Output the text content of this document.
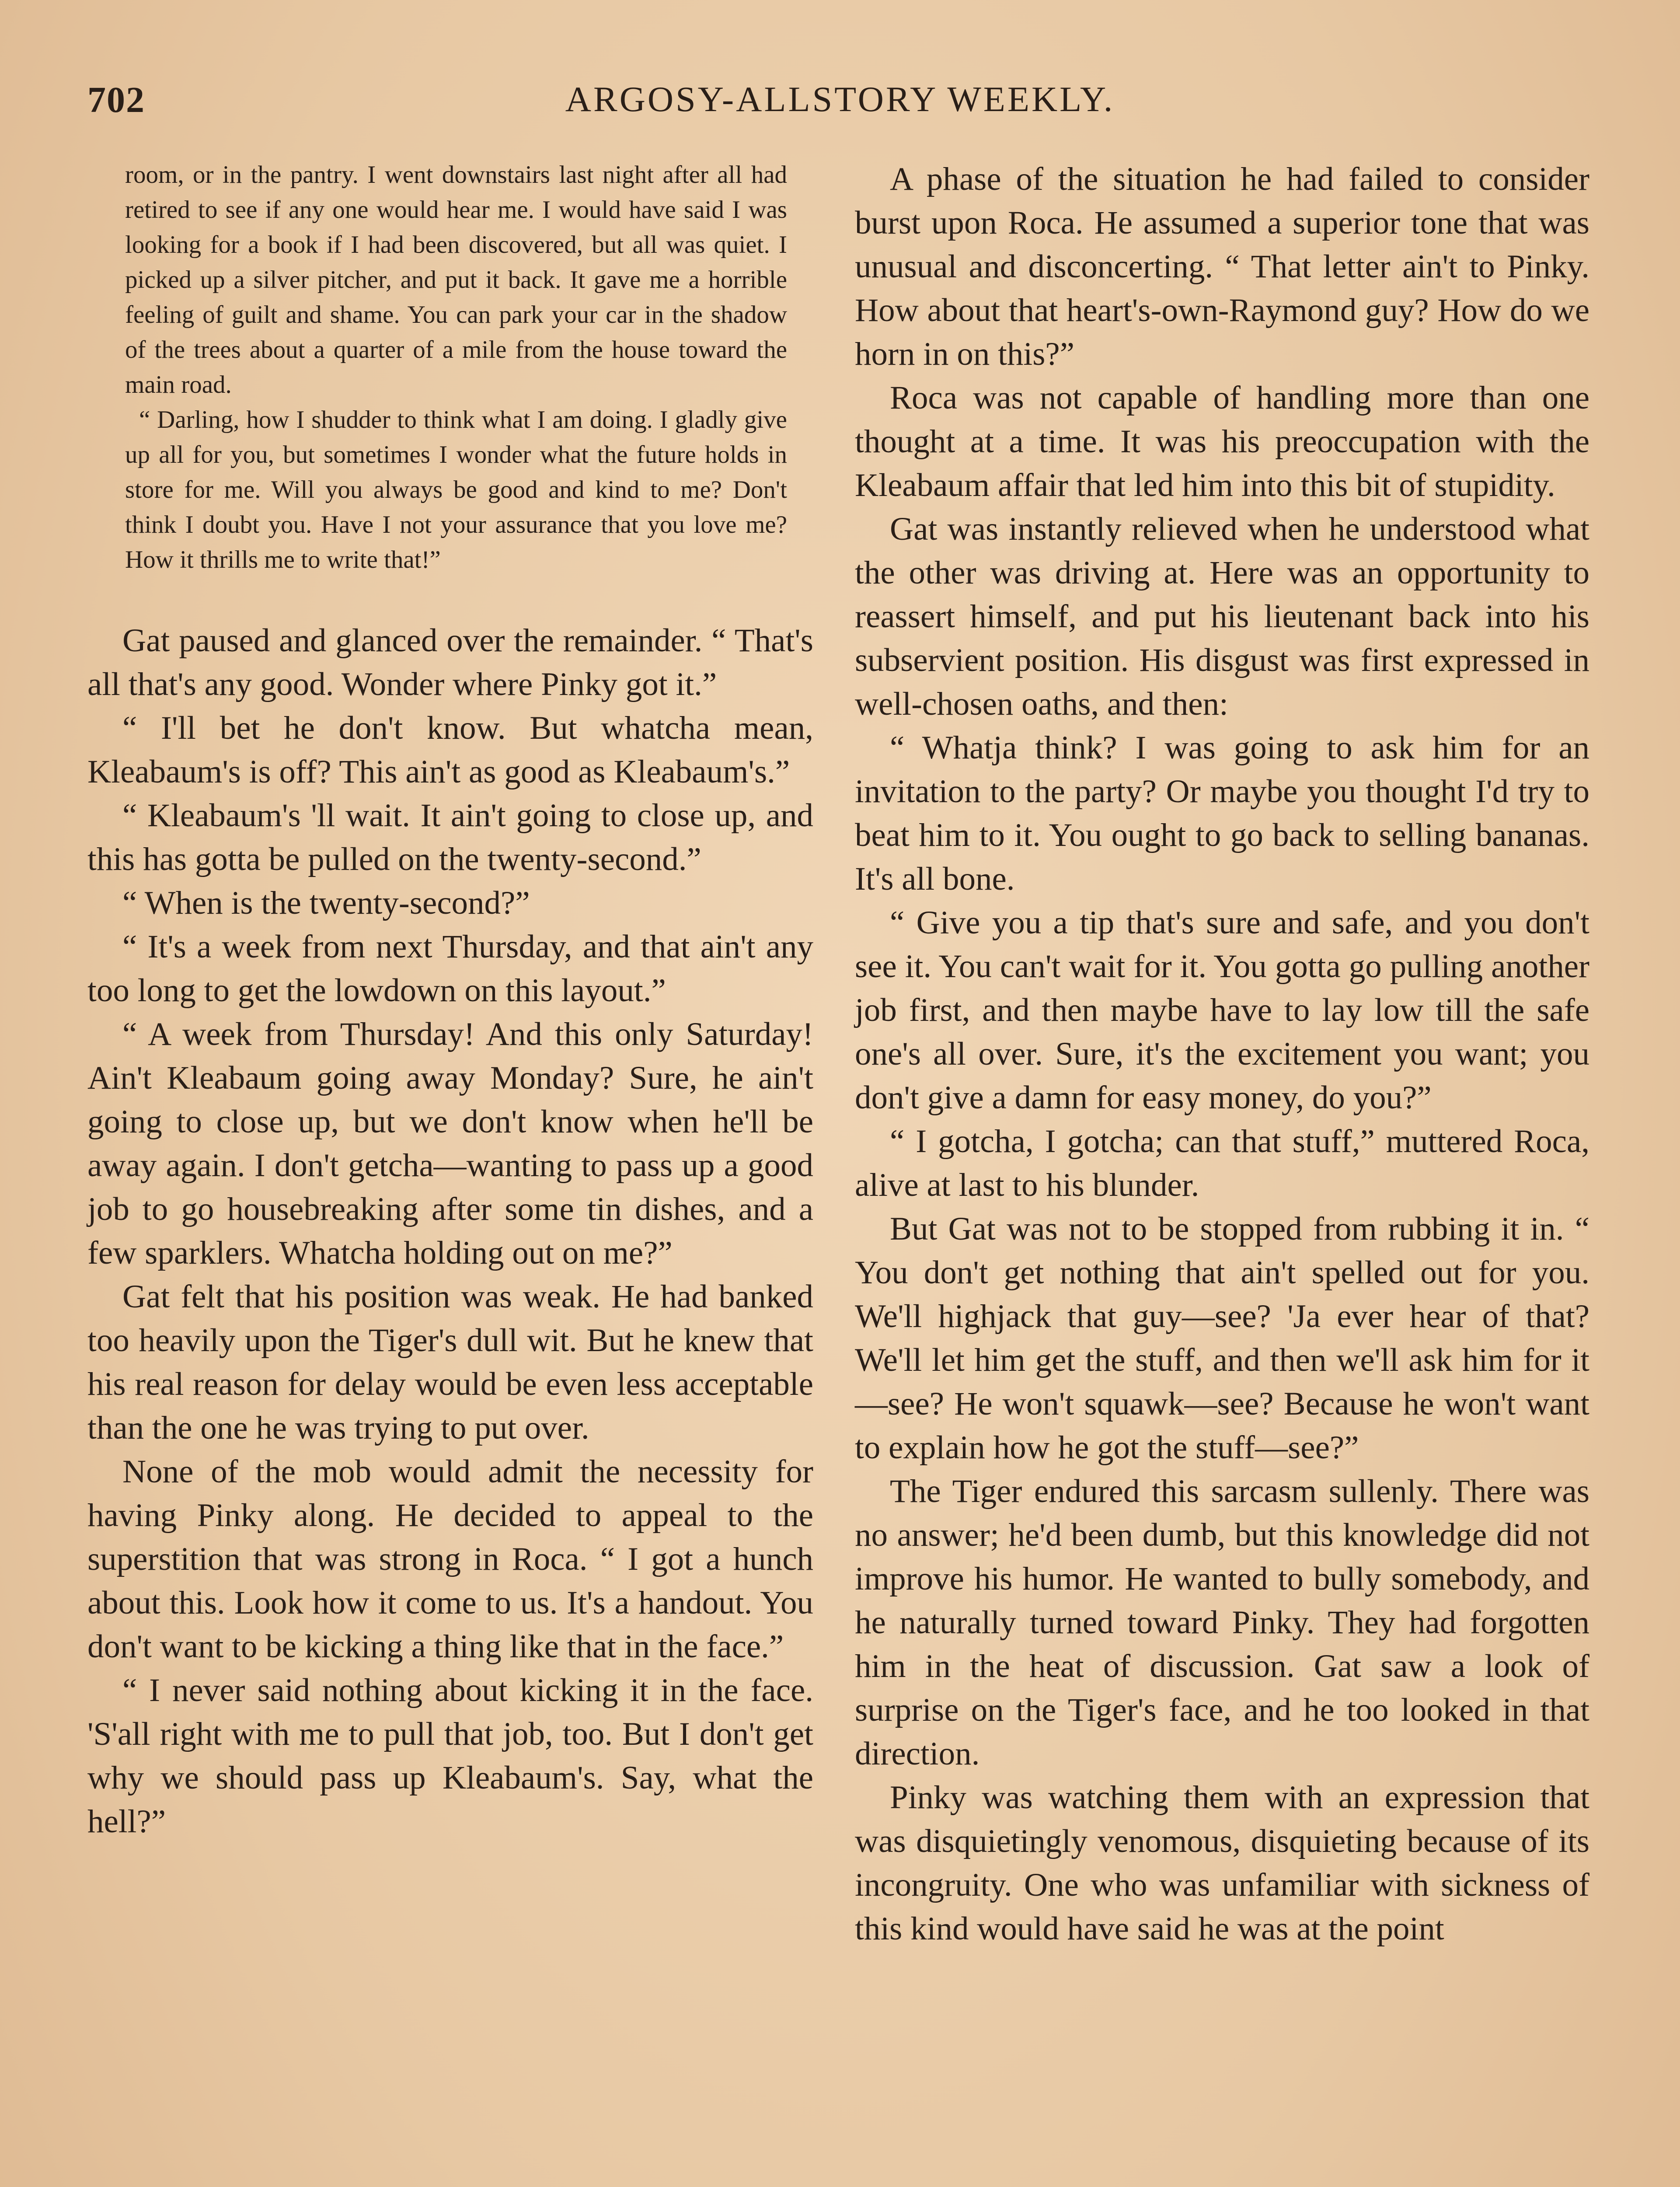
702	ARGOSY-ALLSTORY WEEKLY.

room, or in the pantry. I went downstairs last night after all had retired to see if any one would hear me. I would have said I was looking for a book if I had been discovered, but all was quiet. I picked up a silver pitcher, and put it back. It gave me a horrible feeling of guilt and shame. You can park your car in the shadow of the trees about a quarter of a mile from the house toward the main road.

“ Darling, how I shudder to think what I am doing. I gladly give up all for you, but sometimes I wonder what the future holds in store for me. Will you always be good and kind to me? Don't think I doubt you. Have I not your assurance that you love me? How it thrills me to write that!”

Gat paused and glanced over the remainder. “ That's all that's any good. Wonder where Pinky got it.”

“ I'll bet he don't know. But whatcha mean, Kleabaum's is off? This ain't as good as Kleabaum's.”

“ Kleabaum's 'll wait. It ain't going to close up, and this has gotta be pulled on the twenty-second.”

“ When is the twenty-second?”

“ It's a week from next Thursday, and that ain't any too long to get the lowdown on this layout.”

“ A week from Thursday! And this only Saturday! Ain't Kleabaum going away Monday? Sure, he ain't going to close up, but we don't know when he'll be away again. I don't getcha—wanting to pass up a good job to go housebreaking after some tin dishes, and a few sparklers. Whatcha holding out on me?”

Gat felt that his position was weak. He had banked too heavily upon the Tiger's dull wit. But he knew that his real reason for delay would be even less acceptable than the one he was trying to put over.

None of the mob would admit the necessity for having Pinky along. He decided to appeal to the superstition that was strong in Roca. “ I got a hunch about this. Look how it come to us. It's a handout. You don't want to be kicking a thing like that in the face.”

“ I never said nothing about kicking it in the face. 'S'all right with me to pull that job, too. But I don't get why we should pass up Kleabaum's. Say, what the hell?”

A phase of the situation he had failed to consider burst upon Roca. He assumed a superior tone that was unusual and disconcerting. “ That letter ain't to Pinky. How about that heart's-own-Raymond guy? How do we horn in on this?”

Roca was not capable of handling more than one thought at a time. It was his preoccupation with the Kleabaum affair that led him into this bit of stupidity.

Gat was instantly relieved when he understood what the other was driving at. Here was an opportunity to reassert himself, and put his lieutenant back into his subservient position. His disgust was first expressed in well-chosen oaths, and then:

“ Whatja think? I was going to ask him for an invitation to the party? Or maybe you thought I'd try to beat him to it. You ought to go back to selling bananas. It's all bone.

“ Give you a tip that's sure and safe, and you don't see it. You can't wait for it. You gotta go pulling another job first, and then maybe have to lay low till the safe one's all over. Sure, it's the excitement you want; you don't give a damn for easy money, do you?”

“ I gotcha, I gotcha; can that stuff,” muttered Roca, alive at last to his blunder.

But Gat was not to be stopped from rubbing it in. “ You don't get nothing that ain't spelled out for you. We'll highjack that guy—see? 'Ja ever hear of that? We'll let him get the stuff, and then we'll ask him for it—see? He won't squawk—see? Because he won't want to explain how he got the stuff—see?”

The Tiger endured this sarcasm sullenly. There was no answer; he'd been dumb, but this knowledge did not improve his humor. He wanted to bully somebody, and he naturally turned toward Pinky. They had forgotten him in the heat of discussion. Gat saw a look of surprise on the Tiger's face, and he too looked in that direction.

Pinky was watching them with an expression that was disquietingly venomous, disquieting because of its incongruity. One who was unfamiliar with sickness of this kind would have said he was at the point
